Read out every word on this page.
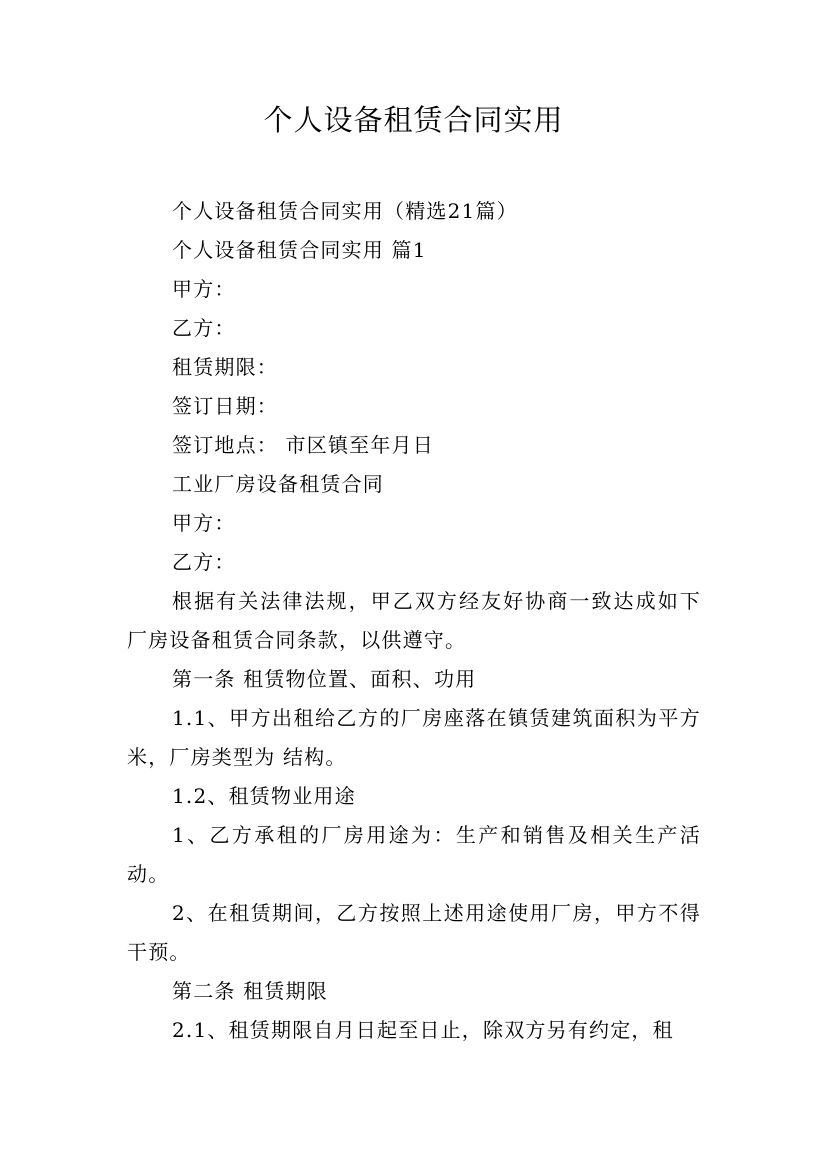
个人设备租赁合同实用

个人设备租赁合同实用（精选21篇）

个人设备租赁合同实用 篇1

甲方：

乙方：

租赁期限：

签订日期：

签订地点： 市区镇至年月日

工业厂房设备租赁合同

甲方：

乙方：

根据有关法律法规，甲乙双方经友好协商一致达成如下厂房设备租赁合同条款，以供遵守。

第一条 租赁物位置、面积、功用

1.1、甲方出租给乙方的厂房座落在镇赁建筑面积为平方米，厂房类型为 结构。

1.2、租赁物业用途

1、乙方承租的厂房用途为：生产和销售及相关生产活动。

2、在租赁期间，乙方按照上述用途使用厂房，甲方不得干预。

第二条 租赁期限

2.1、租赁期限自月日起至日止，除双方另有约定，租
